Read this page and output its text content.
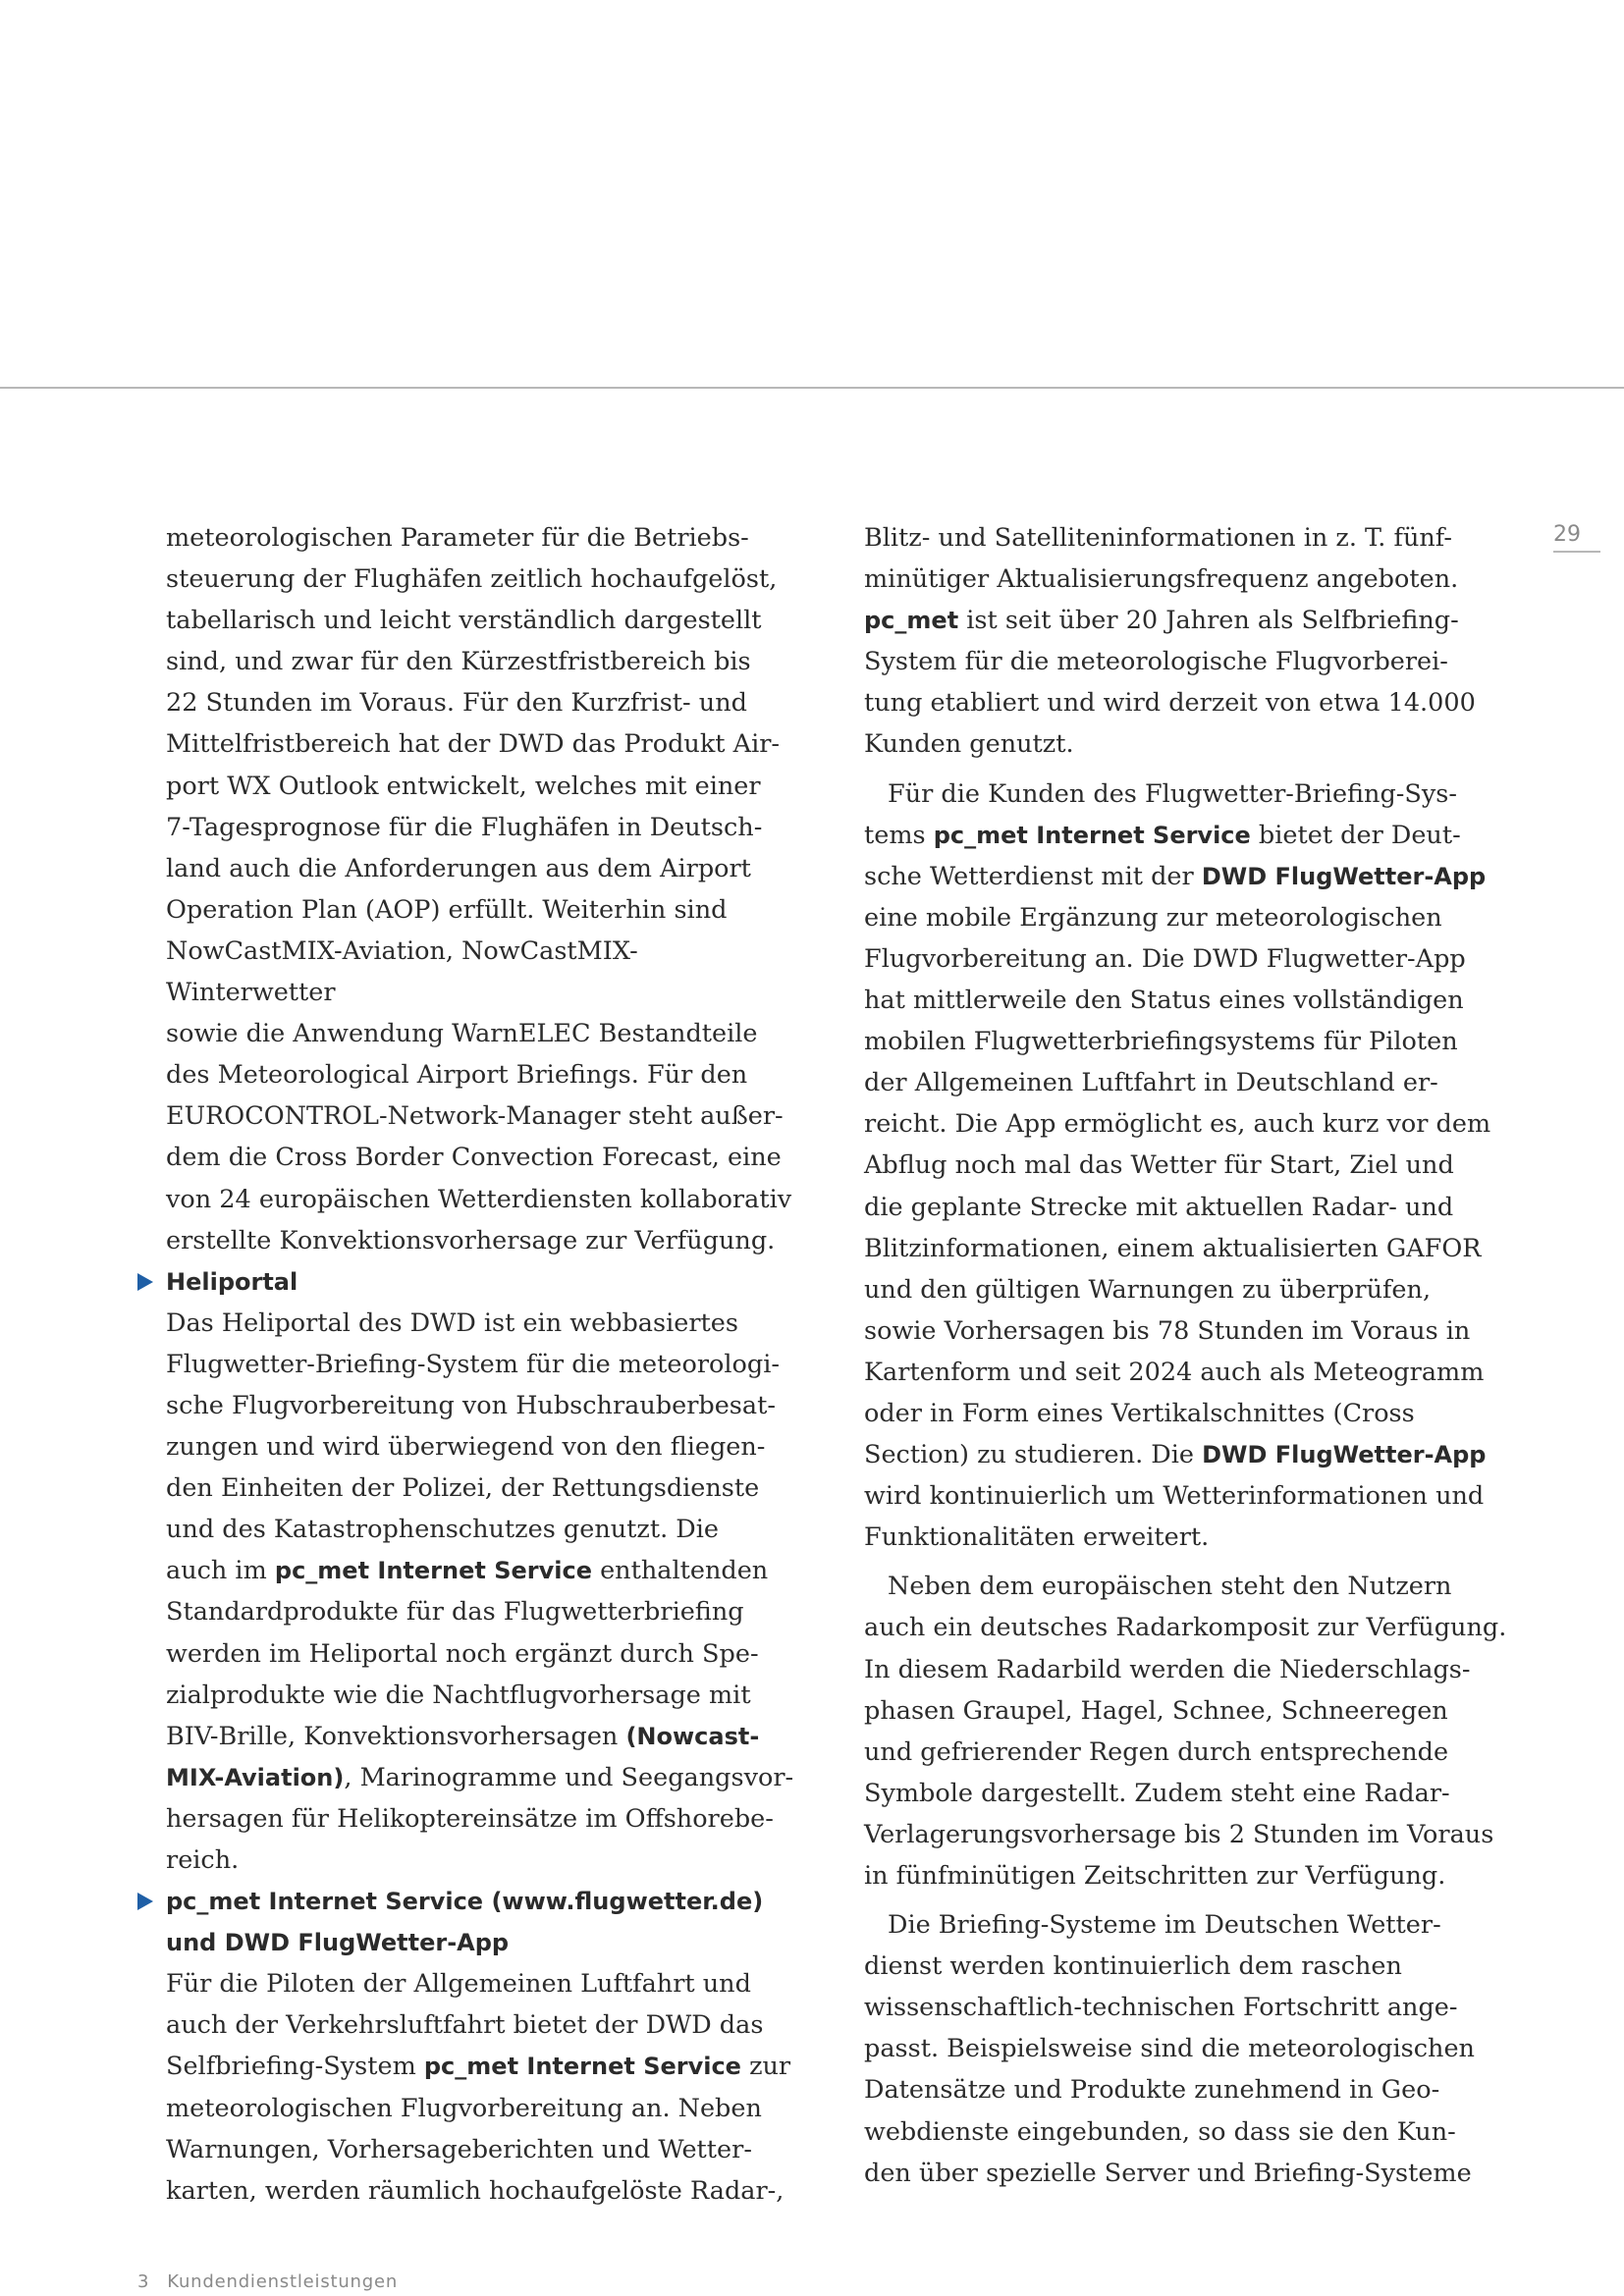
29

meteorologischen Parameter für die Betriebs-
steuerung der Flughäfen zeitlich hochaufgelöst,
tabellarisch und leicht verständlich dargestellt
sind, und zwar für den Kürzestfristbereich bis
22 Stunden im Voraus. Für den Kurzfrist- und
Mittelfristbereich hat der DWD das Produkt Air-
port WX Outlook entwickelt, welches mit einer
7-Tagesprognose für die Flughäfen in Deutsch-
land auch die Anforderungen aus dem Airport
Operation Plan (AOP) erfüllt. Weiterhin sind
NowCastMIX-Aviation, NowCastMIX-Winterwetter
sowie die Anwendung WarnELEC Bestandteile
des Meteorological Airport Briefings. Für den
EUROCONTROL-Network-Manager steht außer-
dem die Cross Border Convection Forecast, eine
von 24 europäischen Wetterdiensten kollaborativ
erstellte Konvektionsvorhersage zur Verfügung.

Heliportal

Das Heliportal des DWD ist ein webbasiertes
Flugwetter-Briefing-System für die meteorologi-
sche Flugvorbereitung von Hubschrauberbesat-
zungen und wird überwiegend von den fliegen-
den Einheiten der Polizei, der Rettungsdienste
und des Katastrophenschutzes genutzt. Die
auch im pc_met Internet Service enthaltenden
Standardprodukte für das Flugwetterbriefing
werden im Heliportal noch ergänzt durch Spe-
zialprodukte wie die Nachtflugvorhersage mit
BIV-Brille, Konvektionsvorhersagen (Nowcast-
MIX-Aviation), Marinogramme und Seegangsvor-
hersagen für Helikoptereinsätze im Offshorebe-
reich.

pc_met Internet Service (www.flugwetter.de)
und DWD FlugWetter-App

Für die Piloten der Allgemeinen Luftfahrt und
auch der Verkehrsluftfahrt bietet der DWD das
Selfbriefing-System pc_met Internet Service zur
meteorologischen Flugvorbereitung an. Neben
Warnungen, Vorhersageberichten und Wetter-
karten, werden räumlich hochaufgelöste Radar-,

Blitz- und Satelliteninformationen in z. T. fünf-
minütiger Aktualisierungsfrequenz angeboten.
pc_met ist seit über 20 Jahren als Selfbriefing-
System für die meteorologische Flugvorberei-
tung etabliert und wird derzeit von etwa 14.000
Kunden genutzt.

Für die Kunden des Flugwetter-Briefing-Sys-
tems pc_met Internet Service bietet der Deut-
sche Wetterdienst mit der DWD FlugWetter-App
eine mobile Ergänzung zur meteorologischen
Flugvorbereitung an. Die DWD Flugwetter-App
hat mittlerweile den Status eines vollständigen
mobilen Flugwetterbriefingsystems für Piloten
der Allgemeinen Luftfahrt in Deutschland er-
reicht. Die App ermöglicht es, auch kurz vor dem
Abflug noch mal das Wetter für Start, Ziel und
die geplante Strecke mit aktuellen Radar- und
Blitzinformationen, einem aktualisierten GAFOR
und den gültigen Warnungen zu überprüfen,
sowie Vorhersagen bis 78 Stunden im Voraus in
Kartenform und seit 2024 auch als Meteogramm
oder in Form eines Vertikalschnittes (Cross
Section) zu studieren. Die DWD FlugWetter-App
wird kontinuierlich um Wetterinformationen und
Funktionalitäten erweitert.

Neben dem europäischen steht den Nutzern
auch ein deutsches Radarkomposit zur Verfügung.
In diesem Radarbild werden die Niederschlags-
phasen Graupel, Hagel, Schnee, Schneeregen
und gefrierender Regen durch entsprechende
Symbole dargestellt. Zudem steht eine Radar-
Verlagerungsvorhersage bis 2 Stunden im Voraus
in fünfminütigen Zeitschritten zur Verfügung.

Die Briefing-Systeme im Deutschen Wetter-
dienst werden kontinuierlich dem raschen
wissenschaftlich-technischen Fortschritt ange-
passt. Beispielsweise sind die meteorologischen
Datensätze und Produkte zunehmend in Geo-
webdienste eingebunden, so dass sie den Kun-
den über spezielle Server und Briefing-Systeme

3 Kundendienstleistungen
